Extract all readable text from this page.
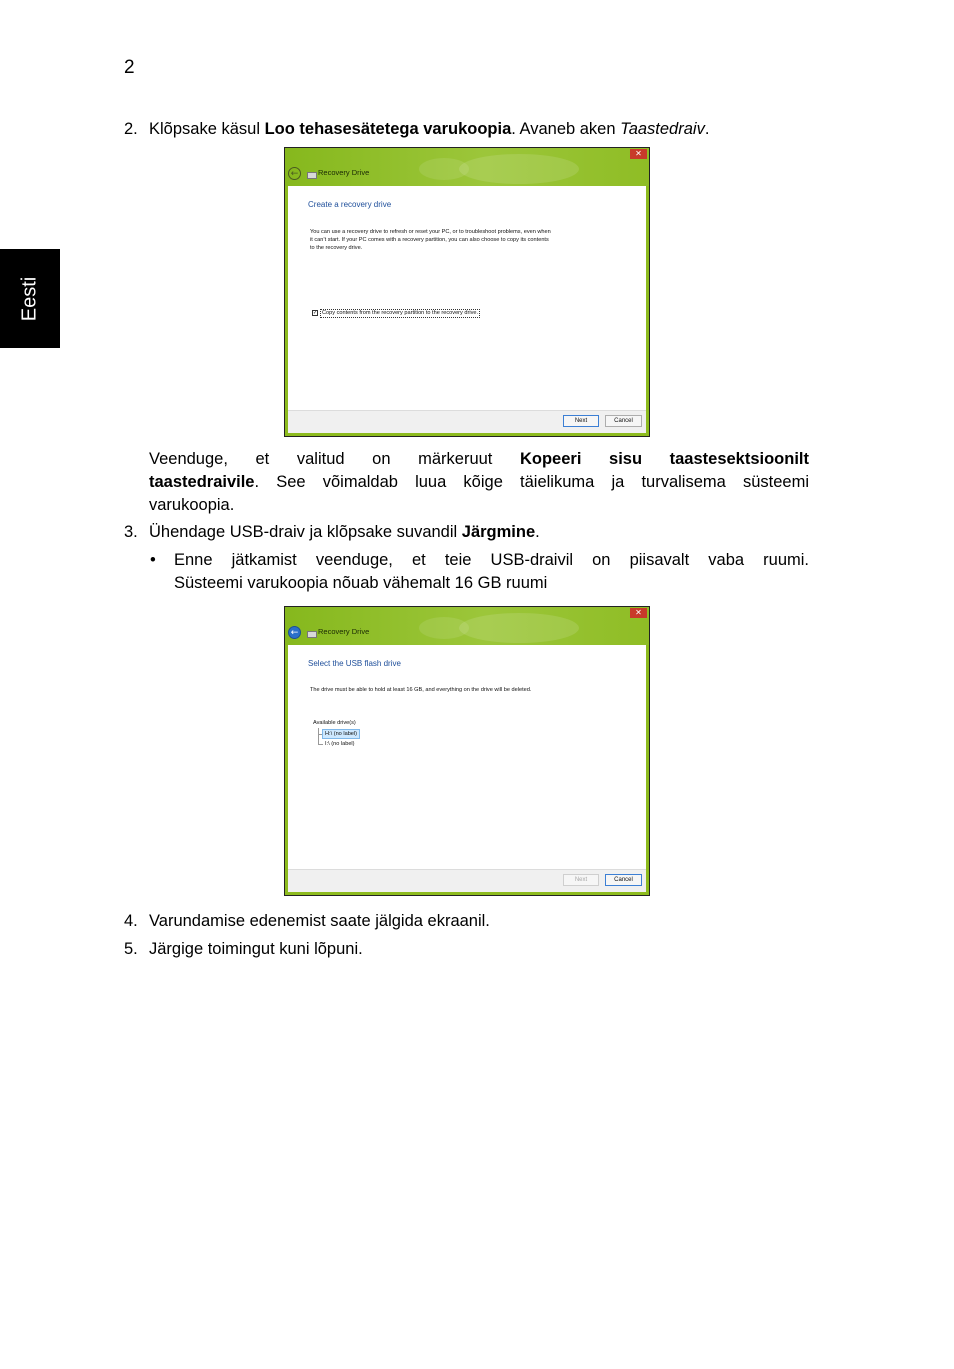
2
Eesti
2. Klõpsake käsul Loo tehasesätetega varukoopia. Avaneb aken Taastedraiv.
✕
←	Recovery Drive
Create a recovery drive
You can use a recovery drive to refresh or reset your PC, or to troubleshoot problems, even when
it can’t start. If your PC comes with a recovery partition, you can also choose to copy its contents
to the recovery drive.
✓ Copy contents from the recovery partition to the recovery drive.
Next	Cancel
Veenduge, et valitud on märkeruut Kopeeri sisu taastesektsioonilt
taastedraivile. See võimaldab luua kõige täielikuma ja turvalisema süsteemi
varukoopia.
3. Ühendage USB-draiv ja klõpsake suvandil Järgmine.
• Enne jätkamist veenduge, et teie USB-draivil on piisavalt vaba ruumi.
Süsteemi varukoopia nõuab vähemalt 16 GB ruumi
✕
←	Recovery Drive
Select the USB flash drive
The drive must be able to hold at least 16 GB, and everything on the drive will be deleted.
Available drive(s)
H:\ (no label)
I:\ (no label)
Next	Cancel
4. Varundamise edenemist saate jälgida ekraanil.
5. Järgige toimingut kuni lõpuni.
